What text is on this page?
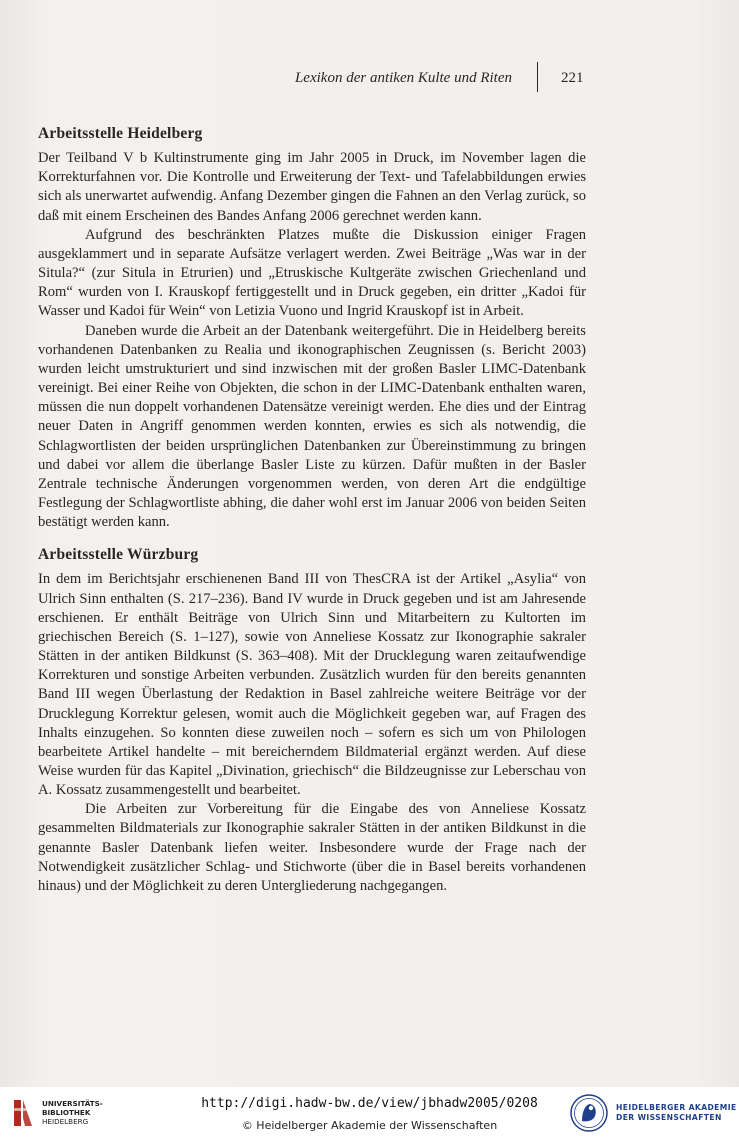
Lexikon der antiken Kulte und Riten	221
Arbeitsstelle Heidelberg

Der Teilband V b Kultinstrumente ging im Jahr 2005 in Druck, im November lagen die Korrekturfahnen vor. Die Kontrolle und Erweiterung der Text- und Tafelabbildungen erwies sich als unerwartet aufwendig. Anfang Dezember gingen die Fahnen an den Verlag zurück, so daß mit einem Erscheinen des Bandes Anfang 2006 gerechnet werden kann.

Aufgrund des beschränkten Platzes mußte die Diskussion einiger Fragen ausgeklammert und in separate Aufsätze verlagert werden. Zwei Beiträge „Was war in der Situla?“ (zur Situla in Etrurien) und „Etruskische Kultgeräte zwischen Griechenland und Rom“ wurden von I. Krauskopf fertiggestellt und in Druck gegeben, ein dritter „Kadoi für Wasser und Kadoi für Wein“ von Letizia Vuono und Ingrid Krauskopf ist in Arbeit.

Daneben wurde die Arbeit an der Datenbank weitergeführt. Die in Heidelberg bereits vorhandenen Datenbanken zu Realia und ikonographischen Zeugnissen (s. Bericht 2003) wurden leicht umstrukturiert und sind inzwischen mit der großen Basler LIMC-Datenbank vereinigt. Bei einer Reihe von Objekten, die schon in der LIMC-Datenbank enthalten waren, müssen die nun doppelt vorhandenen Datensätze vereinigt werden. Ehe dies und der Eintrag neuer Daten in Angriff genommen werden konnten, erwies es sich als notwendig, die Schlagwortlisten der beiden ursprünglichen Datenbanken zur Übereinstimmung zu bringen und dabei vor allem die überlange Basler Liste zu kürzen. Dafür mußten in der Basler Zentrale technische Änderungen vorgenommen werden, von deren Art die endgültige Festlegung der Schlagwortliste abhing, die daher wohl erst im Januar 2006 von beiden Seiten bestätigt werden kann.

Arbeitsstelle Würzburg

In dem im Berichtsjahr erschienenen Band III von ThesCRA ist der Artikel „Asylia“ von Ulrich Sinn enthalten (S. 217–236). Band IV wurde in Druck gegeben und ist am Jahresende erschienen. Er enthält Beiträge von Ulrich Sinn und Mitarbeitern zu Kultorten im griechischen Bereich (S. 1–127), sowie von Anneliese Kossatz zur Ikonographie sakraler Stätten in der antiken Bildkunst (S. 363–408). Mit der Drucklegung waren zeitaufwendige Korrekturen und sonstige Arbeiten verbunden. Zusätzlich wurden für den bereits genannten Band III wegen Überlastung der Redaktion in Basel zahlreiche weitere Beiträge vor der Drucklegung Korrektur gelesen, womit auch die Möglichkeit gegeben war, auf Fragen des Inhalts einzugehen. So konnten diese zuweilen noch – sofern es sich um von Philologen bearbeitete Artikel handelte – mit bereicherndem Bildmaterial ergänzt werden. Auf diese Weise wurden für das Kapitel „Divination, griechisch“ die Bildzeugnisse zur Leberschau von A. Kossatz zusammengestellt und bearbeitet.

Die Arbeiten zur Vorbereitung für die Eingabe des von Anneliese Kossatz gesammelten Bildmaterials zur Ikonographie sakraler Stätten in der antiken Bildkunst in die genannte Basler Datenbank liefen weiter. Insbesondere wurde der Frage nach der Notwendigkeit zusätzlicher Schlag- und Stichworte (über die in Basel bereits vorhandenen hinaus) und der Möglichkeit zu deren Untergliederung nachgegangen.

UNIVERSITÄTS-
BIBLIOTHEK
HEIDELBERG
http://digi.hadw-bw.de/view/jbhadw2005/0208
© Heidelberger Akademie der Wissenschaften
HEIDELBERGER AKADEMIE
DER WISSENSCHAFTEN
